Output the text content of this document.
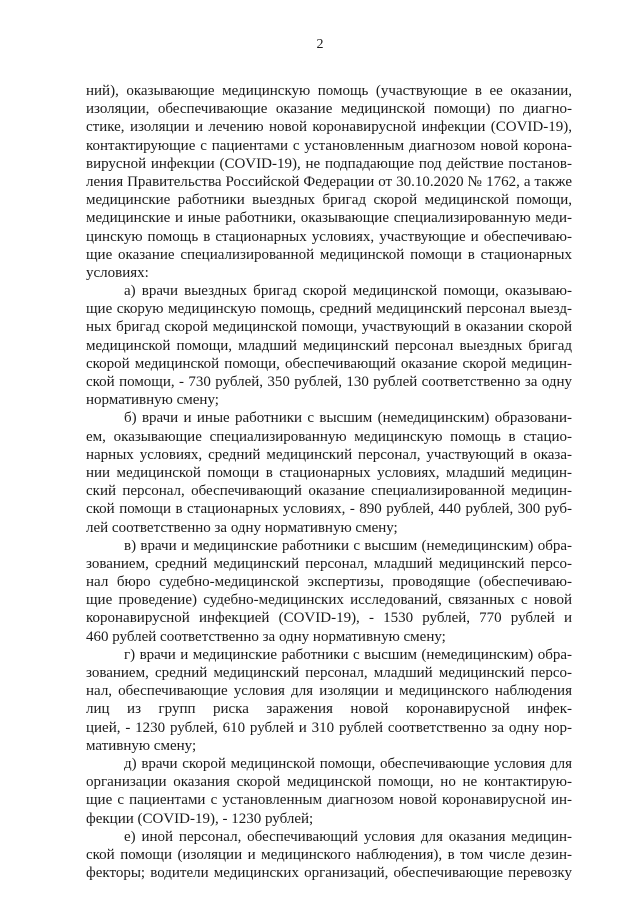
2
ний), оказывающие медицинскую помощь (участвующие в ее оказании,
изоляции, обеспечивающие оказание медицинской помощи) по диагно-
стике, изоляции и лечению новой коронавирусной инфекции (COVID-19),
контактирующие с пациентами с установленным диагнозом новой корона-
вирусной инфекции (COVID-19), не подпадающие под действие постанов-
ления Правительства Российской Федерации от 30.10.2020 № 1762, а также
медицинские работники выездных бригад скорой медицинской помощи,
медицинские и иные работники, оказывающие специализированную меди-
цинскую помощь в стационарных условиях, участвующие и обеспечиваю-
щие оказание специализированной медицинской помощи в стационарных
условиях:
а) врачи выездных бригад скорой медицинской помощи, оказываю-
щие скорую медицинскую помощь, средний медицинский персонал выезд-
ных бригад скорой медицинской помощи, участвующий в оказании скорой
медицинской помощи, младший медицинский персонал выездных бригад
скорой медицинской помощи, обеспечивающий оказание скорой медицин-
ской помощи, - 730 рублей, 350 рублей, 130 рублей соответственно за одну
нормативную смену;
б) врачи и иные работники с высшим (немедицинским) образовани-
ем, оказывающие специализированную медицинскую помощь в стацио-
нарных условиях, средний медицинский персонал, участвующий в оказа-
нии медицинской помощи в стационарных условиях, младший медицин-
ский персонал, обеспечивающий оказание специализированной медицин-
ской помощи в стационарных условиях, - 890 рублей, 440 рублей, 300 руб-
лей соответственно за одну нормативную смену;
в) врачи и медицинские работники с высшим (немедицинским) обра-
зованием, средний медицинский персонал, младший медицинский персо-
нал бюро судебно-медицинской экспертизы, проводящие (обеспечиваю-
щие проведение) судебно-медицинских исследований, связанных с новой
коронавирусной инфекцией (COVID-19), - 1530 рублей, 770 рублей и
460 рублей соответственно за одну нормативную смену;
г) врачи и медицинские работники с высшим (немедицинским) обра-
зованием, средний медицинский персонал, младший медицинский персо-
нал, обеспечивающие условия для изоляции и медицинского наблюдения
лиц из групп риска заражения новой коронавирусной инфек-
цией, - 1230 рублей, 610 рублей и 310 рублей соответственно за одну нор-
мативную смену;
д) врачи скорой медицинской помощи, обеспечивающие условия для
организации оказания скорой медицинской помощи, но не контактирую-
щие с пациентами с установленным диагнозом новой коронавирусной ин-
фекции (COVID-19), - 1230 рублей;
е) иной персонал, обеспечивающий условия для оказания медицин-
ской помощи (изоляции и медицинского наблюдения), в том числе дезин-
фекторы; водители медицинских организаций, обеспечивающие перевозку
